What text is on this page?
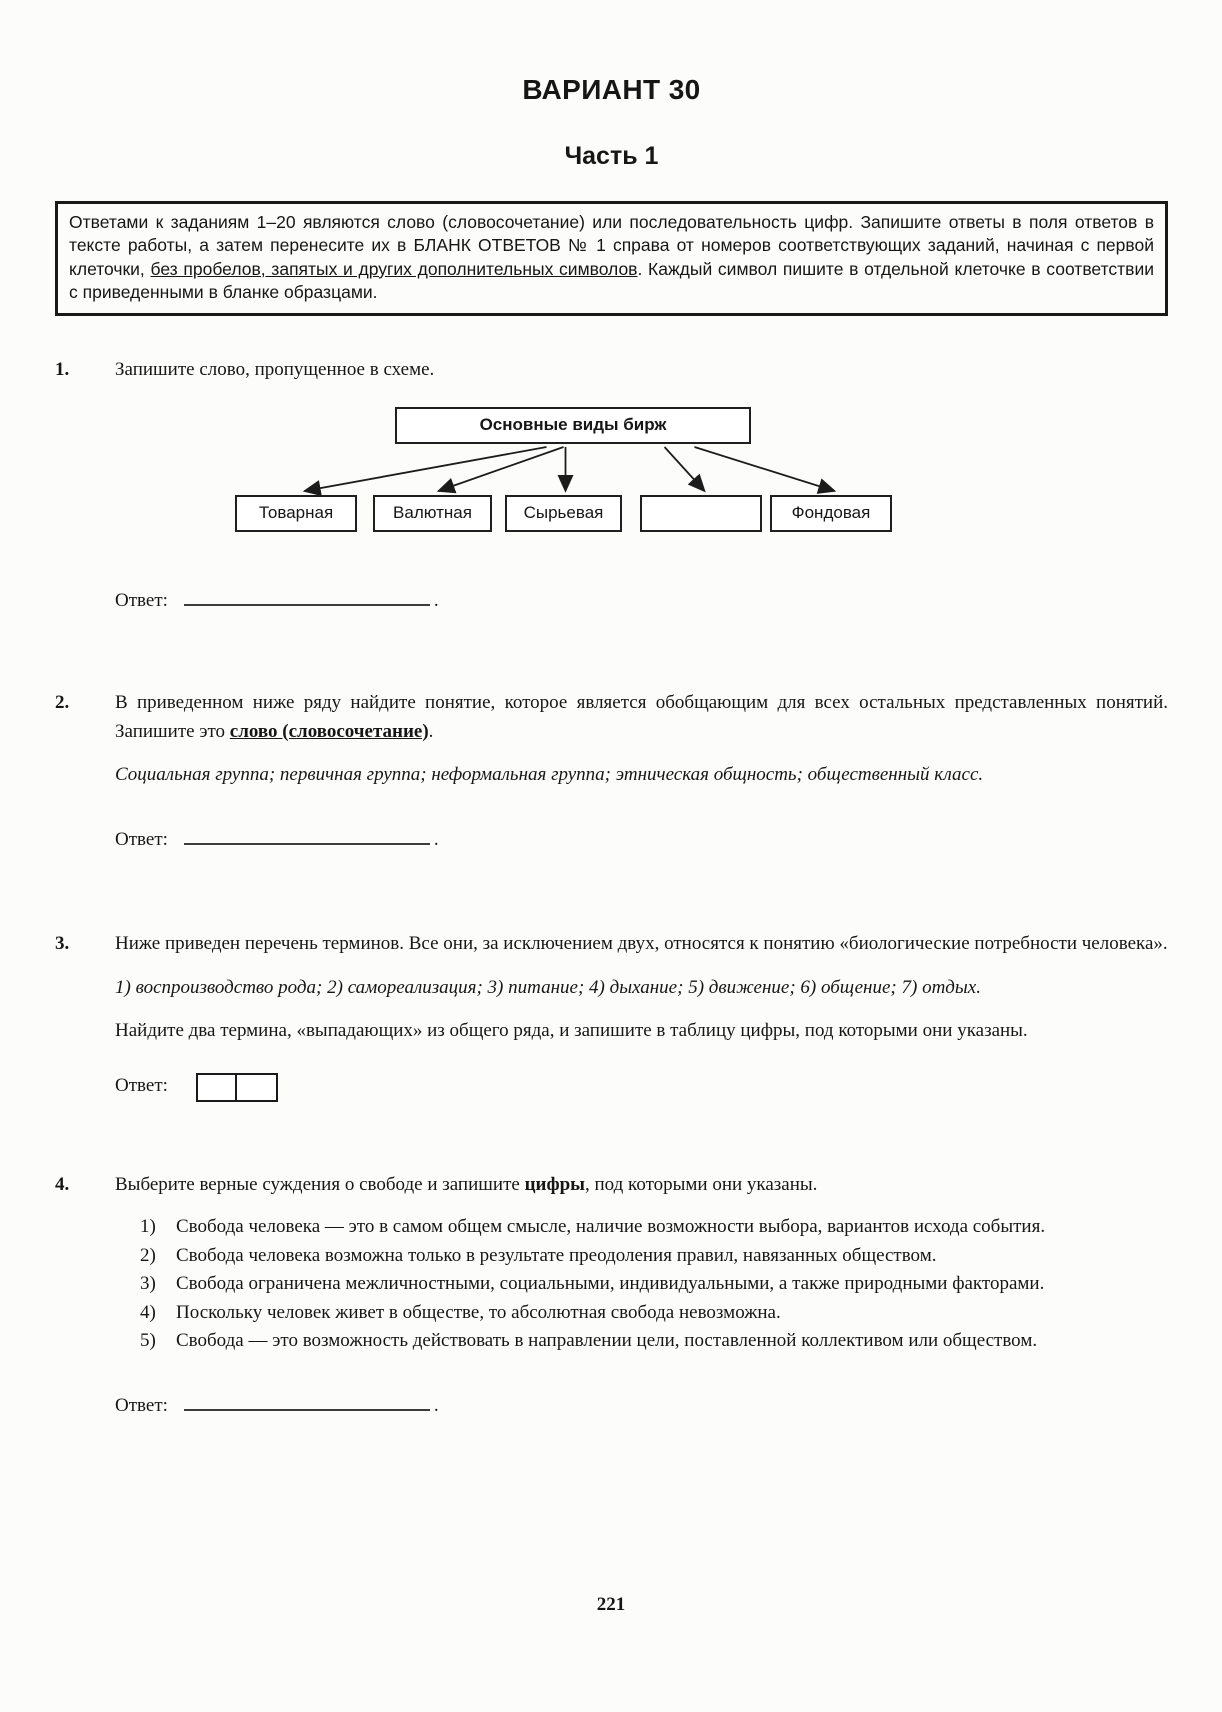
ВАРИАНТ 30
Часть 1
Ответами к заданиям 1–20 являются слово (словосочетание) или последовательность цифр. Запишите ответы в поля ответов в тексте работы, а затем перенесите их в БЛАНК ОТВЕТОВ № 1 справа от номеров соответствующих заданий, начиная с первой клеточки, без пробелов, запятых и других дополнительных символов. Каждый символ пишите в отдельной клеточке в соответствии с приведенными в бланке образцами.
1.	Запишите слово, пропущенное в схеме.
Основные виды бирж
Товарная	Валютная	Сырьевая	Фондовая
Ответ:	.
2.	В приведенном ниже ряду найдите понятие, которое является обобщающим для всех остальных представленных понятий. Запишите это слово (словосочетание).
Социальная группа; первичная группа; неформальная группа; этническая общность; общественный класс.
Ответ:	.
3.	Ниже приведен перечень терминов. Все они, за исключением двух, относятся к понятию «биологические потребности человека».
1) воспроизводство рода; 2) самореализация; 3) питание; 4) дыхание; 5) движение; 6) общение; 7) отдых.
Найдите два термина, «выпадающих» из общего ряда, и запишите в таблицу цифры, под которыми они указаны.
Ответ:
4.	Выберите верные суждения о свободе и запишите цифры, под которыми они указаны.
1)	Свобода человека — это в самом общем смысле, наличие возможности выбора, вариантов исхода события.
2)	Свобода человека возможна только в результате преодоления правил, навязанных обществом.
3)	Свобода ограничена межличностными, социальными, индивидуальными, а также природными факторами.
4)	Поскольку человек живет в обществе, то абсолютная свобода невозможна.
5)	Свобода — это возможность действовать в направлении цели, поставленной коллективом или обществом.
Ответ:	.
221
